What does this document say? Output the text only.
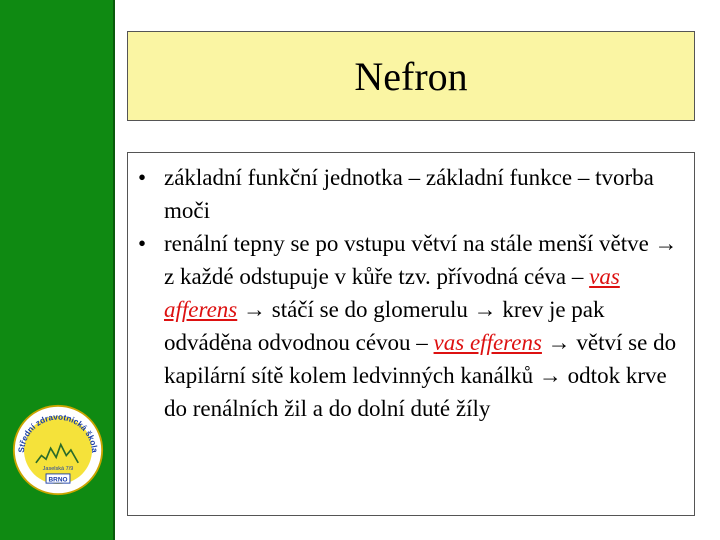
Střední zdravotnická škola
Jaselská 7/9
BRNO
Nefron
• základní funkční jednotka – základní funkce – tvorba moči
• renální tepny se po vstupu větví na stále menší větve → z každé odstupuje v kůře tzv. přívodná céva – vas afferens → stáčí se do glomerulu → krev je pak odváděna odvodnou cévou – vas efferens → větví se do kapilární sítě kolem ledvinných kanálků → odtok krve do renálních žil a do dolní duté žíly
